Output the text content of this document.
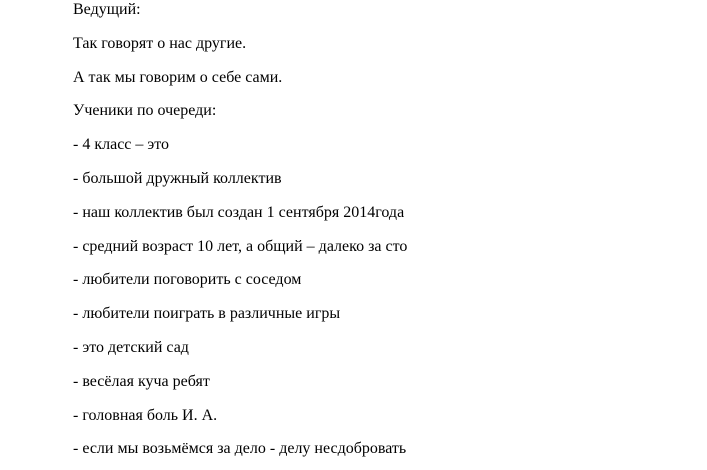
Ведущий:
Так говорят о нас другие.
А так мы говорим о себе сами.
Ученики по очереди:
- 4 класс – это
- большой дружный коллектив
- наш коллектив был создан 1 сентября 2014года
- средний возраст 10 лет, а общий – далеко за сто
- любители поговорить с соседом
- любители поиграть в различные игры
- это детский сад
- весёлая куча ребят
- головная боль И. А.
- если мы возьмёмся за дело - делу несдобровать
